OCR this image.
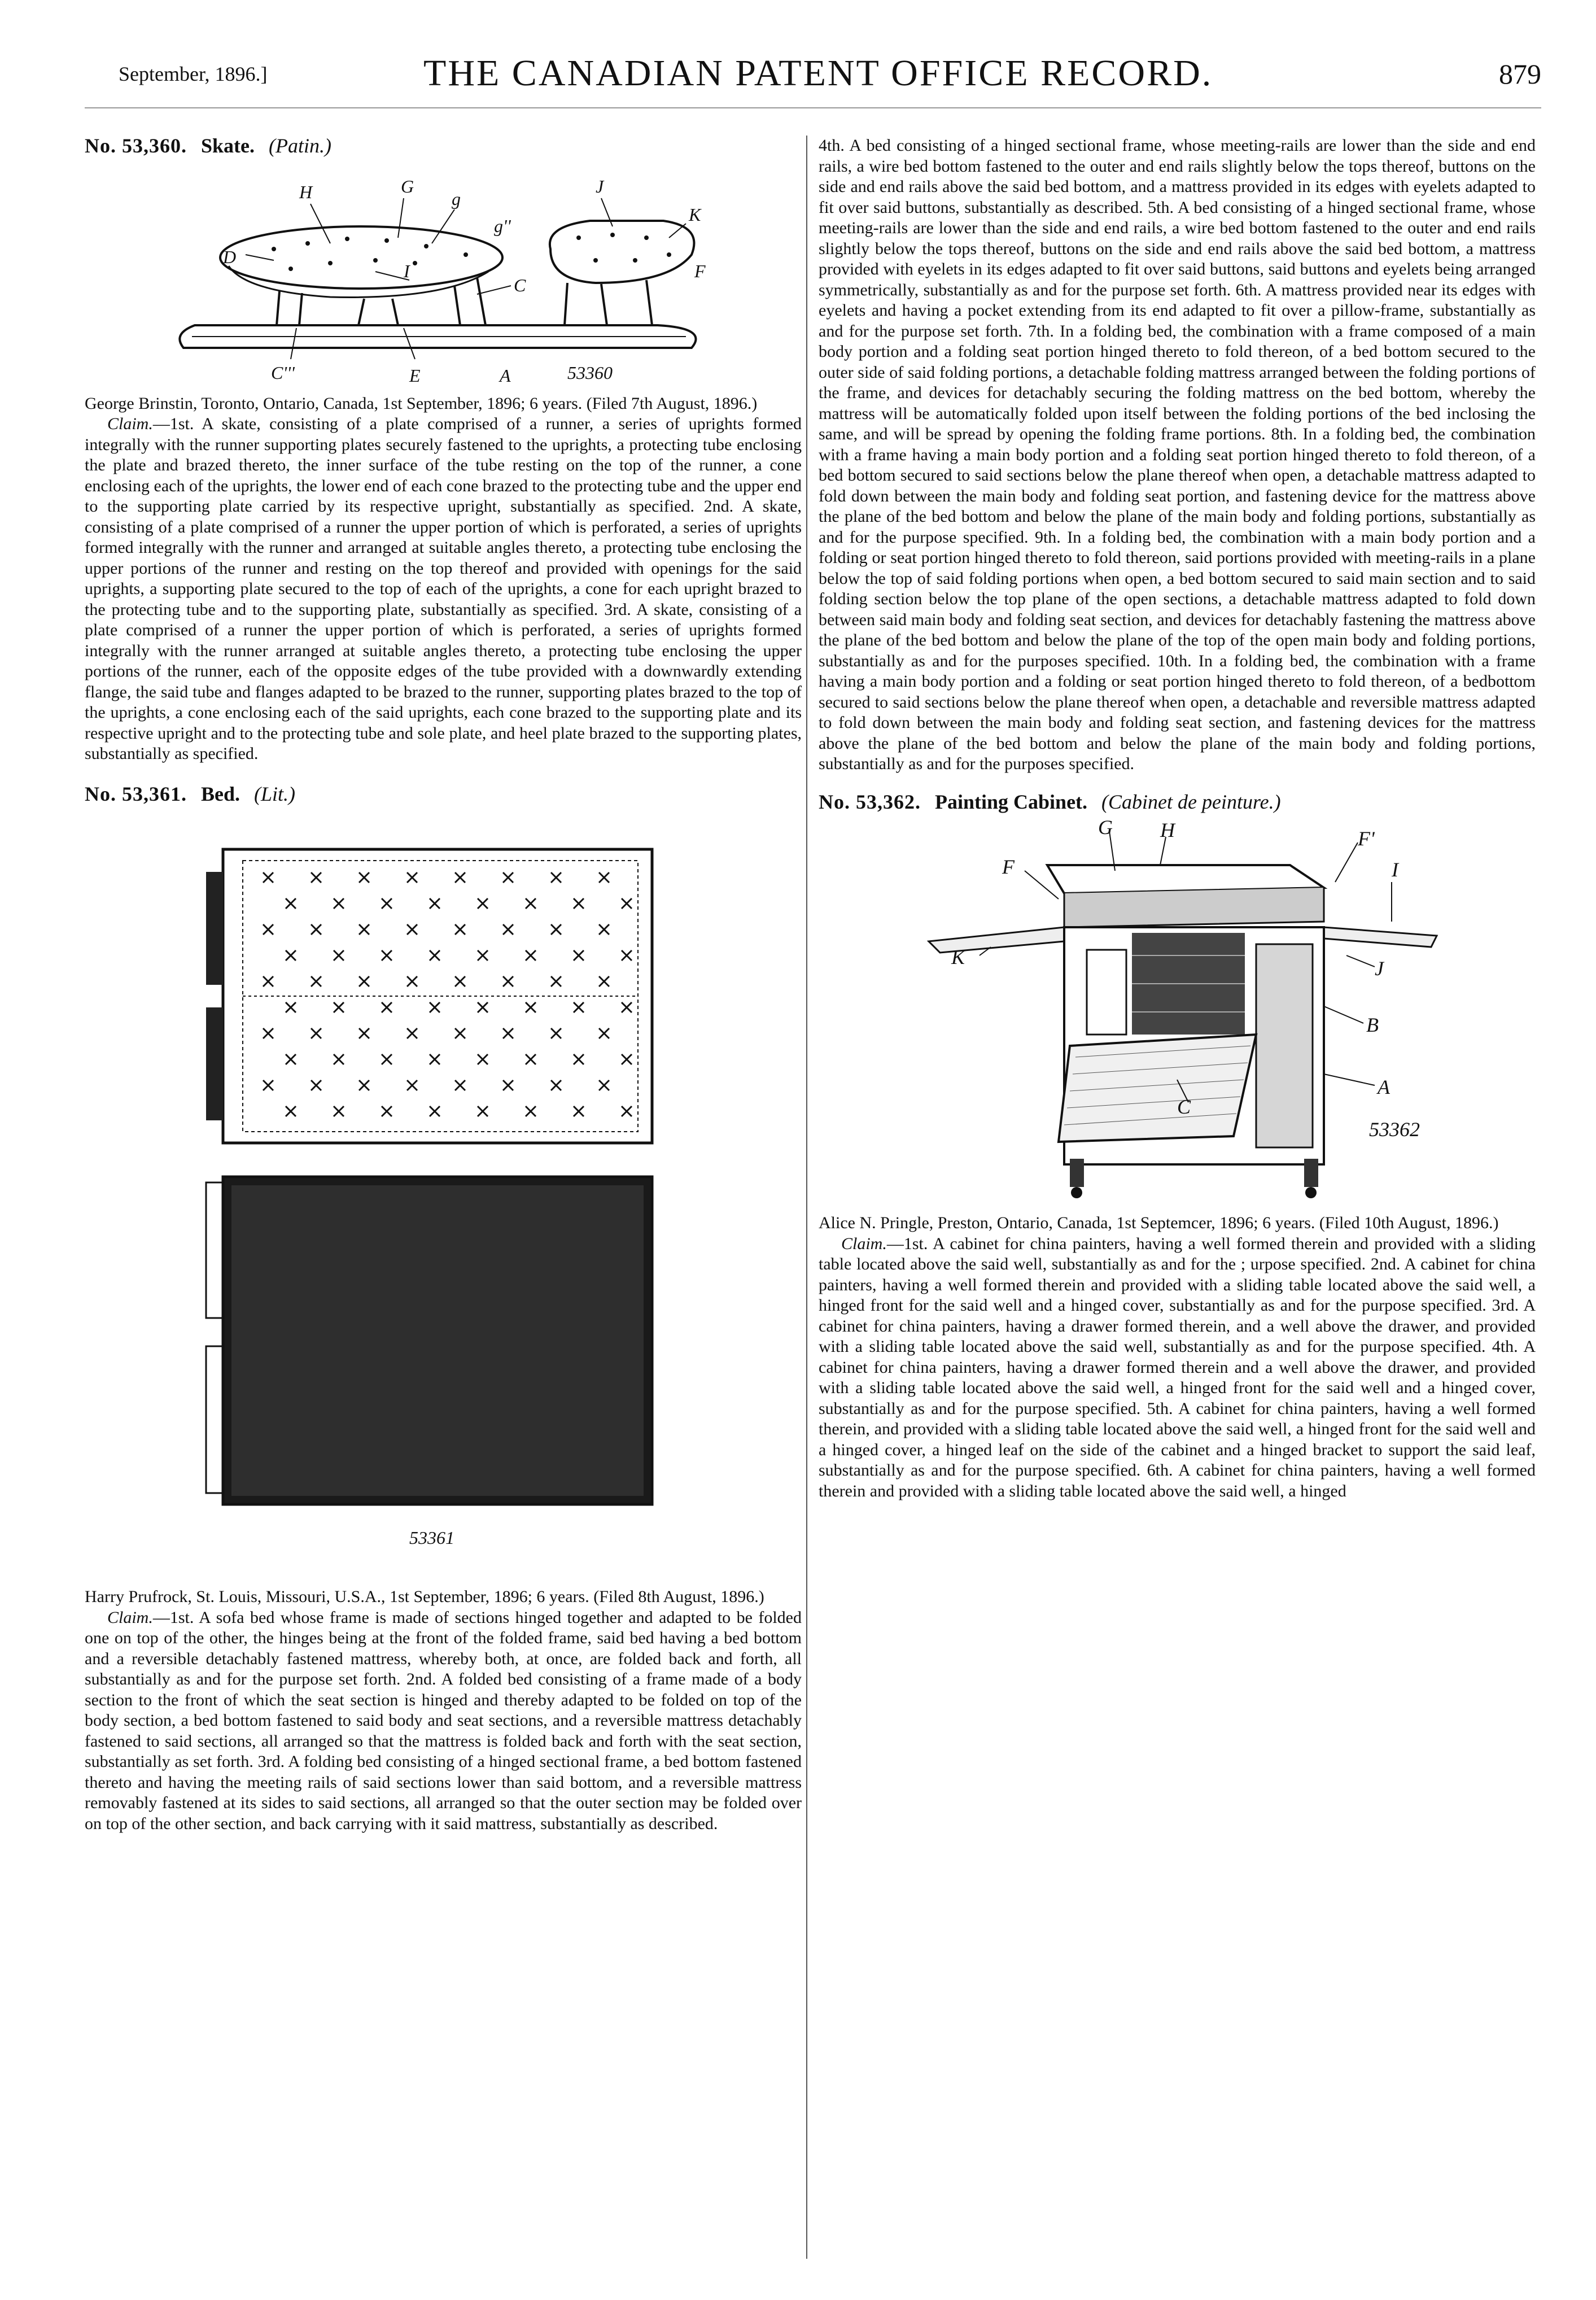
September, 1896.]	THE CANADIAN PATENT OFFICE RECORD.	879
No. 53,360. Skate. (Patin.)
H	G
g
g''
J
K
D
I
C
F
C'''	E	A	53360

George Brinstin, Toronto, Ontario, Canada, 1st September, 1896; 6 years. (Filed 7th August, 1896.)

Claim.—1st. A skate, consisting of a plate comprised of a runner, a series of uprights formed integrally with the runner supporting plates securely fastened to the uprights, a protecting tube enclosing the plate and brazed thereto, the inner surface of the tube resting on the top of the runner, a cone enclosing each of the uprights, the lower end of each cone brazed to the protecting tube and the upper end to the supporting plate carried by its respective upright, substantially as specified. 2nd. A skate, consisting of a plate comprised of a runner the upper portion of which is perforated, a series of uprights formed integrally with the runner and arranged at suitable angles thereto, a protecting tube enclosing the upper portions of the runner and resting on the top thereof and provided with openings for the said uprights, a supporting plate secured to the top of each of the uprights, a cone for each upright brazed to the protecting tube and to the supporting plate, substantially as specified. 3rd. A skate, consisting of a plate comprised of a runner the upper portion of which is perforated, a series of uprights formed integrally with the runner arranged at suitable angles thereto, a protecting tube enclosing the upper portions of the runner, each of the opposite edges of the tube provided with a downwardly extending flange, the said tube and flanges adapted to be brazed to the runner, supporting plates brazed to the top of the uprights, a cone enclosing each of the said uprights, each cone brazed to the supporting plate and its respective upright and to the protecting tube and sole plate, and heel plate brazed to the supporting plates, substantially as specified.

No. 53,361. Bed. (Lit.)
53361

Harry Prufrock, St. Louis, Missouri, U.S.A., 1st September, 1896; 6 years. (Filed 8th August, 1896.)

Claim.—1st. A sofa bed whose frame is made of sections hinged together and adapted to be folded one on top of the other, the hinges being at the front of the folded frame, said bed having a bed bottom and a reversible detachably fastened mattress, whereby both, at once, are folded back and forth, all substantially as and for the purpose set forth. 2nd. A folded bed consisting of a frame made of a body section to the front of which the seat section is hinged and thereby adapted to be folded on top of the body section, a bed bottom fastened to said body and seat sections, and a reversible mattress detachably fastened to said sections, all arranged so that the mattress is folded back and forth with the seat section, substantially as set forth. 3rd. A folding bed consisting of a hinged sectional frame, a bed bottom fastened thereto and having the meeting rails of said sections lower than said bottom, and a reversible mattress removably fastened at its sides to said sections, all arranged so that the outer section may be folded over on top of the other section, and back carrying with it said mattress, substantially as described.

4th. A bed consisting of a hinged sectional frame, whose meeting-rails are lower than the side and end rails, a wire bed bottom fastened to the outer and end rails slightly below the tops thereof, buttons on the side and end rails above the said bed bottom, and a mattress provided in its edges with eyelets adapted to fit over said buttons, substantially as described. 5th. A bed consisting of a hinged sectional frame, whose meeting-rails are lower than the side and end rails, a wire bed bottom fastened to the outer and end rails slightly below the tops thereof, buttons on the side and end rails above the said bed bottom, a mattress provided with eyelets in its edges adapted to fit over said buttons, said buttons and eyelets being arranged symmetrically, substantially as and for the purpose set forth. 6th. A mattress provided near its edges with eyelets and having a pocket extending from its end adapted to fit over a pillow-frame, substantially as and for the purpose set forth. 7th. In a folding bed, the combination with a frame composed of a main body portion and a folding seat portion hinged thereto to fold thereon, of a bed bottom secured to the outer side of said folding portions, a detachable folding mattress arranged between the folding portions of the frame, and devices for detachably securing the folding mattress on the bed bottom, whereby the mattress will be automatically folded upon itself between the folding portions of the bed inclosing the same, and will be spread by opening the folding frame portions. 8th. In a folding bed, the combination with a frame having a main body portion and a folding seat portion hinged thereto to fold thereon, of a bed bottom secured to said sections below the plane thereof when open, a detachable mattress adapted to fold down between the main body and folding seat portion, and fastening device for the mattress above the plane of the bed bottom and below the plane of the main body and folding portions, substantially as and for the purpose specified. 9th. In a folding bed, the combination with a main body portion and a folding or seat portion hinged thereto to fold thereon, said portions provided with meeting-rails in a plane below the top of said folding portions when open, a bed bottom secured to said main section and to said folding section below the top plane of the open sections, a detachable mattress adapted to fold down between said main body and folding seat section, and devices for detachably fastening the mattress above the plane of the bed bottom and below the plane of the top of the open main body and folding portions, substantially as and for the purposes specified. 10th. In a folding bed, the combination with a frame having a main body portion and a folding or seat portion hinged thereto to fold thereon, of a bedbottom secured to said sections below the plane thereof when open, a detachable and reversible mattress adapted to fold down between the main body and folding seat section, and fastening devices for the mattress above the plane of the bed bottom and below the plane of the main body and folding portions, substantially as and for the purposes specified.

No. 53,362. Painting Cabinet. (Cabinet de peinture.)
G H	F'
F	I
K	J
B
C
A
53362

Alice N. Pringle, Preston, Ontario, Canada, 1st Septemcer, 1896; 6 years. (Filed 10th August, 1896.)

Claim.—1st. A cabinet for china painters, having a well formed therein and provided with a sliding table located above the said well, substantially as and for the ; urpose specified. 2nd. A cabinet for china painters, having a well formed therein and provided with a sliding table located above the said well, a hinged front for the said well and a hinged cover, substantially as and for the purpose specified. 3rd. A cabinet for china painters, having a drawer formed therein, and a well above the drawer, and provided with a sliding table located above the said well, substantially as and for the purpose specified. 4th. A cabinet for china painters, having a drawer formed therein and a well above the drawer, and provided with a sliding table located above the said well, a hinged front for the said well and a hinged cover, substantially as and for the purpose specified. 5th. A cabinet for china painters, having a well formed therein, and provided with a sliding table located above the said well, a hinged front for the said well and a hinged cover, a hinged leaf on the side of the cabinet and a hinged bracket to support the said leaf, substantially as and for the purpose specified. 6th. A cabinet for china painters, having a well formed therein and provided with a sliding table located above the said well, a hinged
